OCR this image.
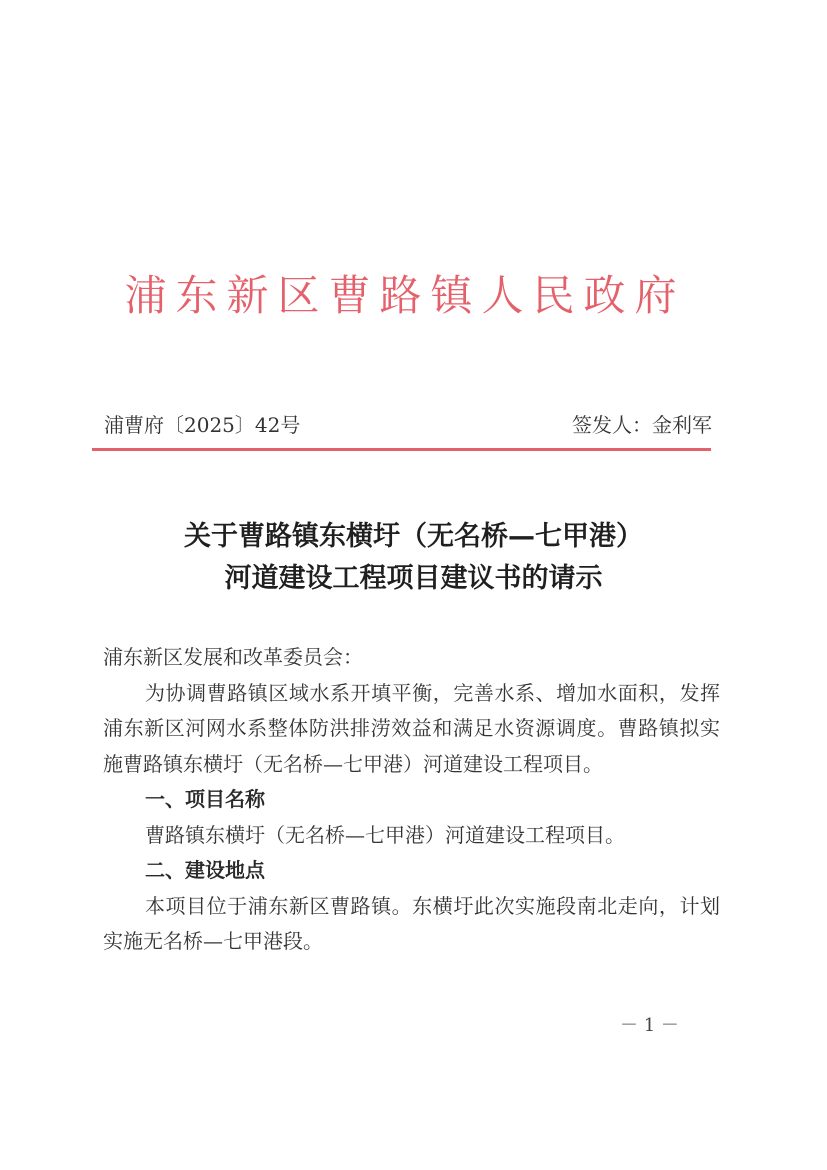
浦东新区曹路镇人民政府
浦曹府〔2025〕42号	签发人：金利军
关于曹路镇东横圩（无名桥—七甲港）
河道建设工程项目建议书的请示

浦东新区发展和改革委员会：

为协调曹路镇区域水系开填平衡，完善水系、增加水面积，发挥浦东新区河网水系整体防洪排涝效益和满足水资源调度。曹路镇拟实施曹路镇东横圩（无名桥—七甲港）河道建设工程项目。

一、项目名称

曹路镇东横圩（无名桥—七甲港）河道建设工程项目。

二、建设地点

本项目位于浦东新区曹路镇。东横圩此次实施段南北走向，计划实施无名桥—七甲港段。

－ 1 －
